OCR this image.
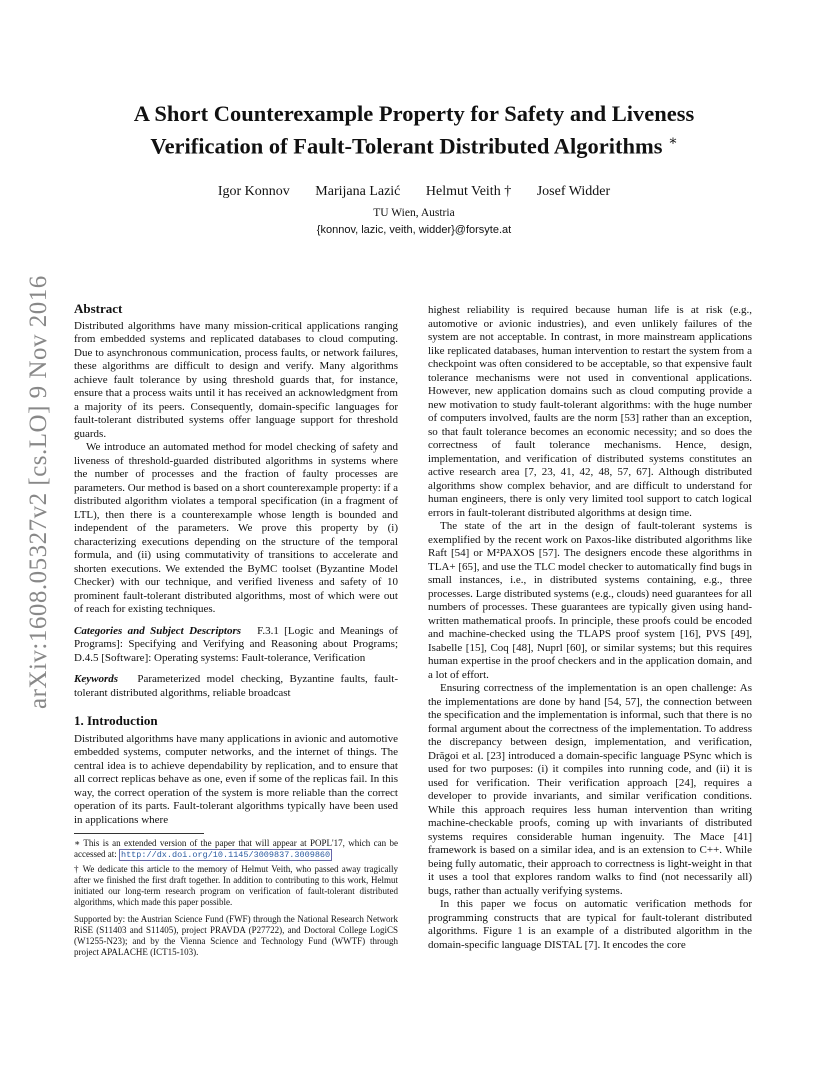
arXiv:1608.05327v2 [cs.LO] 9 Nov 2016
A Short Counterexample Property for Safety and Liveness
Verification of Fault-Tolerant Distributed Algorithms ∗
Igor Konnov Marijana Lazić Helmut Veith † Josef Widder
TU Wien, Austria
{konnov, lazic, veith, widder}@forsyte.at
Abstract

Distributed algorithms have many mission-critical applications ranging from embedded systems and replicated databases to cloud computing. Due to asynchronous communication, process faults, or network failures, these algorithms are difficult to design and verify. Many algorithms achieve fault tolerance by using threshold guards that, for instance, ensure that a process waits until it has received an acknowledgment from a majority of its peers. Consequently, domain-specific languages for fault-tolerant distributed systems offer language support for threshold guards.

We introduce an automated method for model checking of safety and liveness of threshold-guarded distributed algorithms in systems where the number of processes and the fraction of faulty processes are parameters. Our method is based on a short counterexample property: if a distributed algorithm violates a temporal specification (in a fragment of LTL), then there is a counterexample whose length is bounded and independent of the parameters. We prove this property by (i) characterizing executions depending on the structure of the temporal formula, and (ii) using commutativity of transitions to accelerate and shorten executions. We extended the ByMC toolset (Byzantine Model Checker) with our technique, and verified liveness and safety of 10 prominent fault-tolerant distributed algorithms, most of which were out of reach for existing techniques.

Categories and Subject Descriptors F.3.1 [Logic and Meanings of Programs]: Specifying and Verifying and Reasoning about Programs; D.4.5 [Software]: Operating systems: Fault-tolerance, Verification

Keywords Parameterized model checking, Byzantine faults, fault-tolerant distributed algorithms, reliable broadcast

1. Introduction

Distributed algorithms have many applications in avionic and automotive embedded systems, computer networks, and the internet of things. The central idea is to achieve dependability by replication, and to ensure that all correct replicas behave as one, even if some of the replicas fail. In this way, the correct operation of the system is more reliable than the correct operation of its parts. Fault-tolerant algorithms typically have been used in applications where

∗ This is an extended version of the paper that will appear at POPL'17, which can be accessed at: http://dx.doi.org/10.1145/3009837.3009860

† We dedicate this article to the memory of Helmut Veith, who passed away tragically after we finished the first draft together. In addition to contributing to this work, Helmut initiated our long-term research program on verification of fault-tolerant distributed algorithms, which made this paper possible.

Supported by: the Austrian Science Fund (FWF) through the National Research Network RiSE (S11403 and S11405), project PRAVDA (P27722), and Doctoral College LogiCS (W1255-N23); and by the Vienna Science and Technology Fund (WWTF) through project APALACHE (ICT15-103).

highest reliability is required because human life is at risk (e.g., automotive or avionic industries), and even unlikely failures of the system are not acceptable. In contrast, in more mainstream applications like replicated databases, human intervention to restart the system from a checkpoint was often considered to be acceptable, so that expensive fault tolerance mechanisms were not used in conventional applications. However, new application domains such as cloud computing provide a new motivation to study fault-tolerant algorithms: with the huge number of computers involved, faults are the norm [53] rather than an exception, so that fault tolerance becomes an economic necessity; and so does the correctness of fault tolerance mechanisms. Hence, design, implementation, and verification of distributed systems constitutes an active research area [7, 23, 41, 42, 48, 57, 67]. Although distributed algorithms show complex behavior, and are difficult to understand for human engineers, there is only very limited tool support to catch logical errors in fault-tolerant distributed algorithms at design time.

The state of the art in the design of fault-tolerant systems is exemplified by the recent work on Paxos-like distributed algorithms like Raft [54] or M²PAXOS [57]. The designers encode these algorithms in TLA+ [65], and use the TLC model checker to automatically find bugs in small instances, i.e., in distributed systems containing, e.g., three processes. Large distributed systems (e.g., clouds) need guarantees for all numbers of processes. These guarantees are typically given using hand-written mathematical proofs. In principle, these proofs could be encoded and machine-checked using the TLAPS proof system [16], PVS [49], Isabelle [15], Coq [48], Nuprl [60], or similar systems; but this requires human expertise in the proof checkers and in the application domain, and a lot of effort.

Ensuring correctness of the implementation is an open challenge: As the implementations are done by hand [54, 57], the connection between the specification and the implementation is informal, such that there is no formal argument about the correctness of the implementation. To address the discrepancy between design, implementation, and verification, Drăgoi et al. [23] introduced a domain-specific language PSync which is used for two purposes: (i) it compiles into running code, and (ii) it is used for verification. Their verification approach [24], requires a developer to provide invariants, and similar verification conditions. While this approach requires less human intervention than writing machine-checkable proofs, coming up with invariants of distributed systems requires considerable human ingenuity. The Mace [41] framework is based on a similar idea, and is an extension to C++. While being fully automatic, their approach to correctness is light-weight in that it uses a tool that explores random walks to find (not necessarily all) bugs, rather than actually verifying systems.

In this paper we focus on automatic verification methods for programming constructs that are typical for fault-tolerant distributed algorithms. Figure 1 is an example of a distributed algorithm in the domain-specific language DISTAL [7]. It encodes the core
